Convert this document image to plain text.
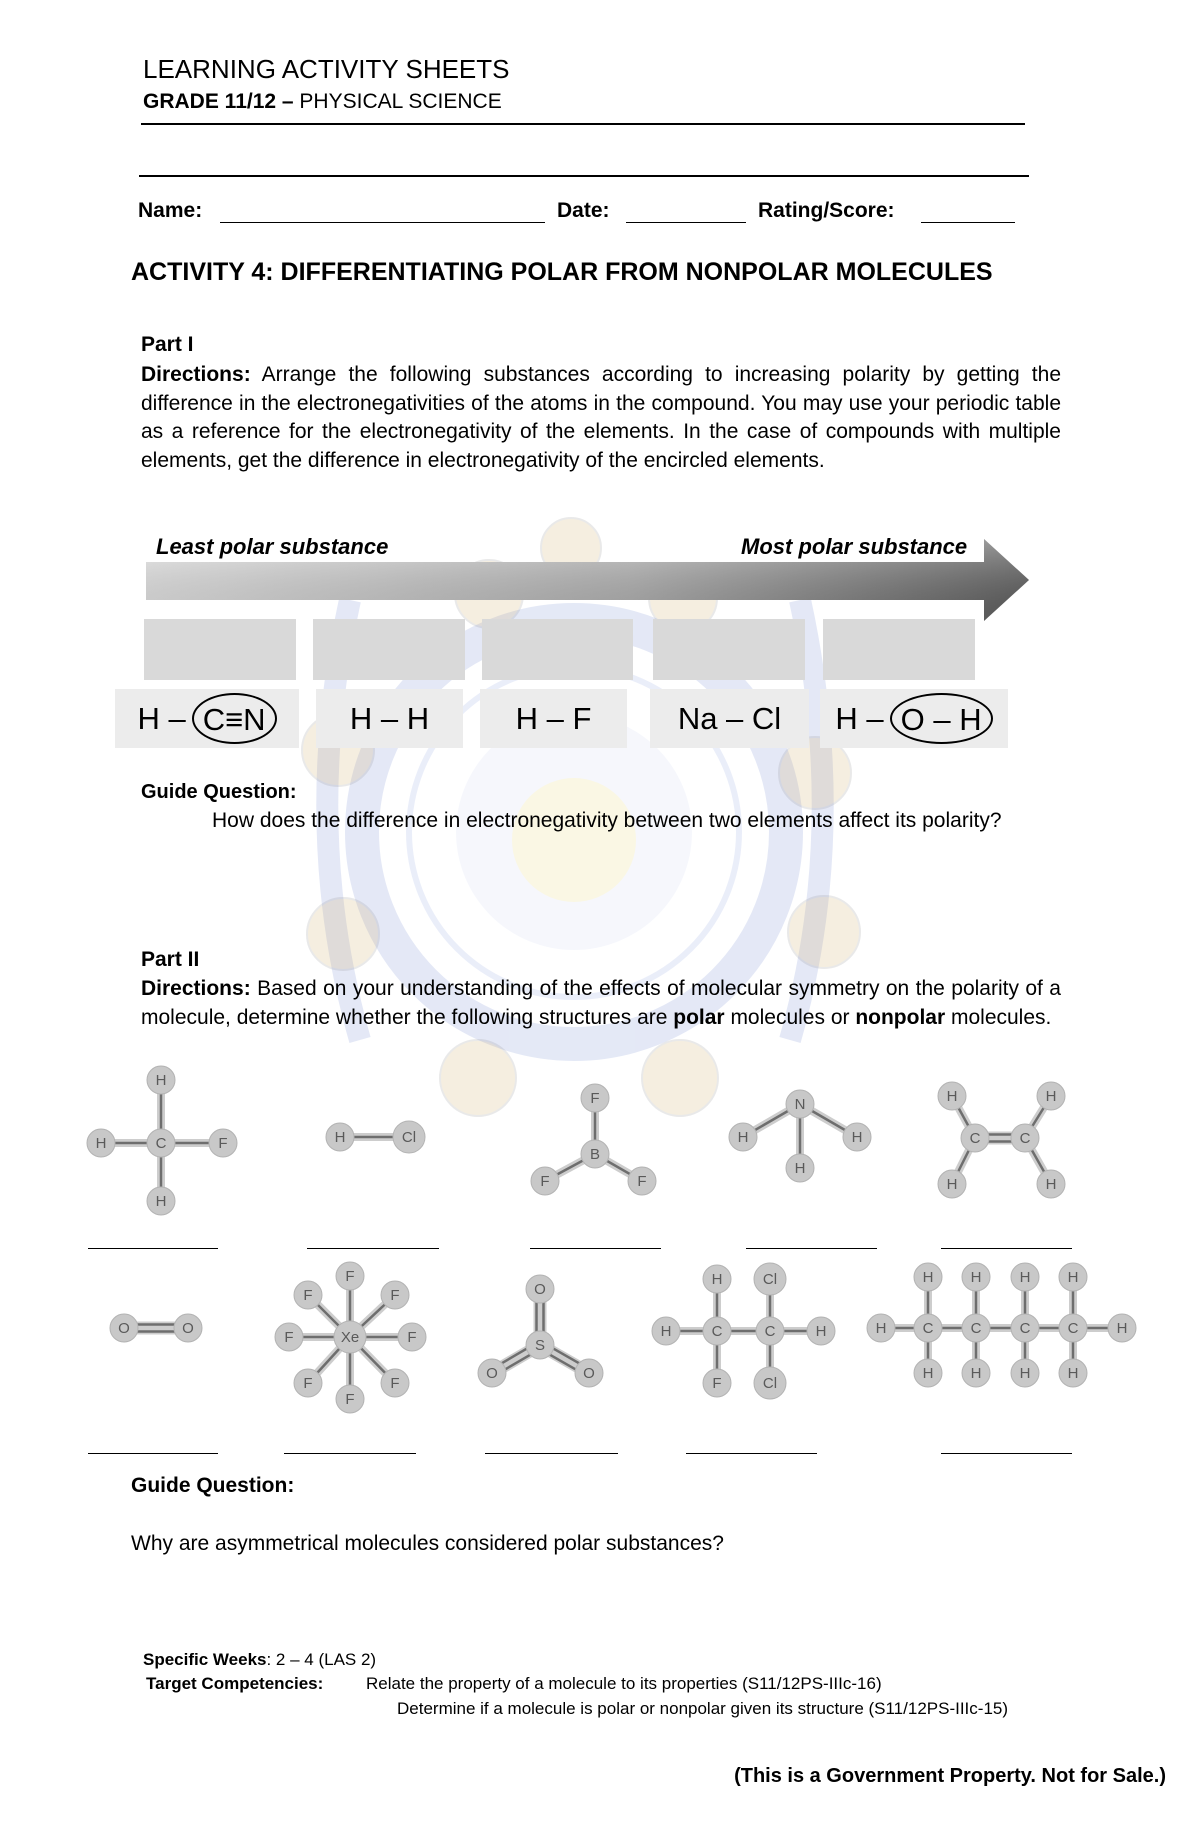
LEARNING ACTIVITY SHEETS
GRADE 11/12 – PHYSICAL SCIENCE
Name:	Date:	Rating/Score:
ACTIVITY 4: DIFFERENTIATING POLAR FROM NONPOLAR MOLECULES
Part I
Directions: Arrange the following substances according to increasing polarity by getting the difference in the electronegativities of the atoms in the compound. You may use your periodic table as a reference for the electronegativity of the elements. In the case of compounds with multiple elements, get the difference in electronegativity of the encircled elements.
Least polar substance	Most polar substance
H – C≡N	H – H	H – F	Na – Cl H – O – H
Guide Question:
How does the difference in electronegativity between two elements affect its polarity?
Part II
Directions: Based on your understanding of the effects of molecular symmetry on the polarity of a molecule, determine whether the following structures are polar molecules or nonpolar molecules.
C
H
H	F
H
H	Cl
B
F
F	F
N
H	H
H
C	C
H	H
H	H
O	O
Xe
F
F
F
F
F
F
F
F
S
O
O	O
H	C	C	H
H	Cl
F	Cl
H C C	C C	H
H H	H H
H H	H H
Guide Question:
Why are asymmetrical molecules considered polar substances?
Specific Weeks: 2 – 4 (LAS 2)
Target Competencies:	Relate the property of a molecule to its properties (S11/12PS-IIIc-16)
Determine if a molecule is polar or nonpolar given its structure (S11/12PS-IIIc-15)
(This is a Government Property. Not for Sale.)
